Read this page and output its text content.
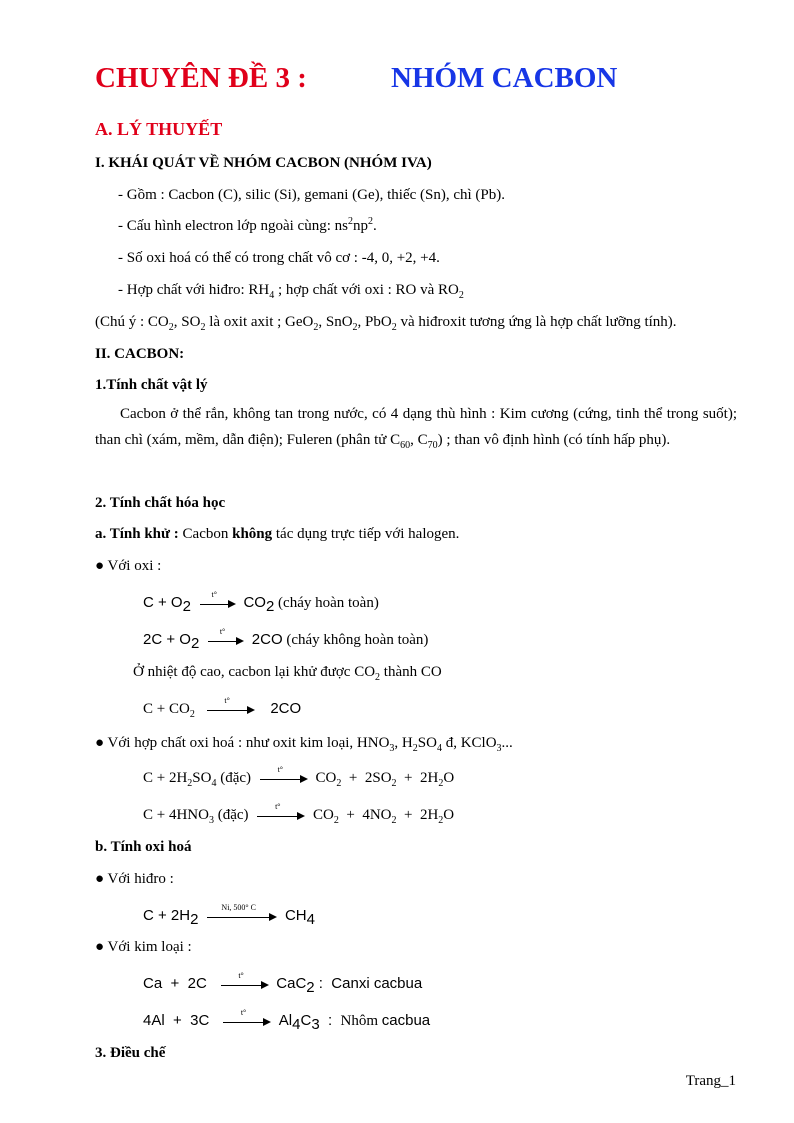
CHUYÊN ĐỀ 3 :	NHÓM CACBON
A. LÝ THUYẾT
I. KHÁI QUÁT VỀ NHÓM CACBON (NHÓM IVA)
- Gồm : Cacbon (C), silic (Si), gemani (Ge), thiếc (Sn), chì (Pb).
- Cấu hình electron lớp ngoài cùng: $ns^2np^2$.
- Số oxi hoá có thể có trong chất vô cơ : -4, 0, +2, +4.
- Hợp chất với hiđro: $RH_4$ ; hợp chất với oxi : RO và $RO_2$
(Chú ý : $CO_2$, $SO_2$ là oxit axit ; GeO$_2$, SnO$_2$, PbO$_2$ và hiđroxit tương ứng là hợp chất lưỡng tính).
II. CACBON:
1.Tính chất vật lý
Cacbon ở thể rắn, không tan trong nước, có 4 dạng thù hình : Kim cương (cứng, tinh thể trong suốt); than chì (xám, mềm, dẫn điện); Fuleren (phân tử $C_{60}$, $C_{70}$) ; than vô định hình (có tính hấp phụ).
2. Tính chất hóa học
a. Tính khử : Cacbon không tác dụng trực tiếp với halogen.
● Với oxi :
$C + O_2$
t°	$CO_2$ (cháy hoàn toàn)
$2C + O_2$
t°	2CO (cháy không hoàn toàn)
Ở nhiệt độ cao, cacbon lại khử được $CO_2$ thành CO
$C + CO_2$
t°	2CO
● Với hợp chất oxi hoá : như oxit kim loại, $HNO_3$, $H_2SO_4$ đ, KClO$_3$...
$C + 2H_2SO_4$ (đặc)
t°
$CO_2 + 2SO_2 + 2H_2O$
$C + 4HNO_3$ (đặc)
t°
$CO_2 + 4NO_2 + 2H_2O$
b. Tính oxi hoá
● Với hiđro :
$C + 2H_2$
Ni, 500° C	$CH_4$
● Với kim loại :
Ca  +  2C	t°	CaC$_2$ :  Canxi cacbua
4Al  +  3C	t°	$Al_4C_3$  :  Nhôm cacbua
3. Điều chế
Trang_1
